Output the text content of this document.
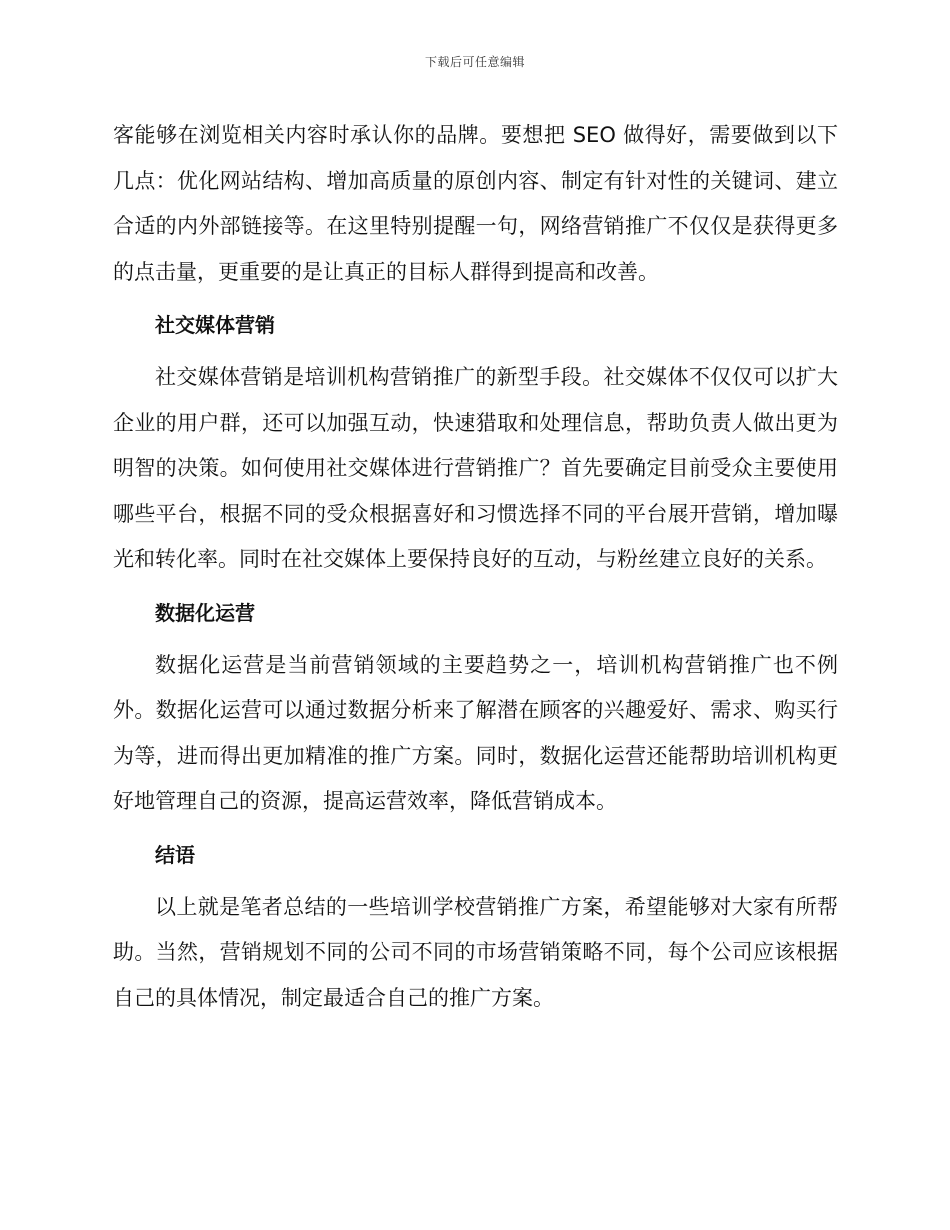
下载后可任意编辑

客能够在浏览相关内容时承认你的品牌。要想把 SEO 做得好，需要做到以下几点：优化网站结构、增加高质量的原创内容、制定有针对性的关键词、建立合适的内外部链接等。在这里特别提醒一句，网络营销推广不仅仅是获得更多的点击量，更重要的是让真正的目标人群得到提高和改善。

社交媒体营销

社交媒体营销是培训机构营销推广的新型手段。社交媒体不仅仅可以扩大企业的用户群，还可以加强互动，快速猎取和处理信息，帮助负责人做出更为明智的决策。如何使用社交媒体进行营销推广？首先要确定目前受众主要使用哪些平台，根据不同的受众根据喜好和习惯选择不同的平台展开营销，增加曝光和转化率。同时在社交媒体上要保持良好的互动，与粉丝建立良好的关系。

数据化运营

数据化运营是当前营销领域的主要趋势之一，培训机构营销推广也不例外。数据化运营可以通过数据分析来了解潜在顾客的兴趣爱好、需求、购买行为等，进而得出更加精准的推广方案。同时，数据化运营还能帮助培训机构更好地管理自己的资源，提高运营效率，降低营销成本。

结语

以上就是笔者总结的一些培训学校营销推广方案，希望能够对大家有所帮助。当然，营销规划不同的公司不同的市场营销策略不同，每个公司应该根据自己的具体情况，制定最适合自己的推广方案。
